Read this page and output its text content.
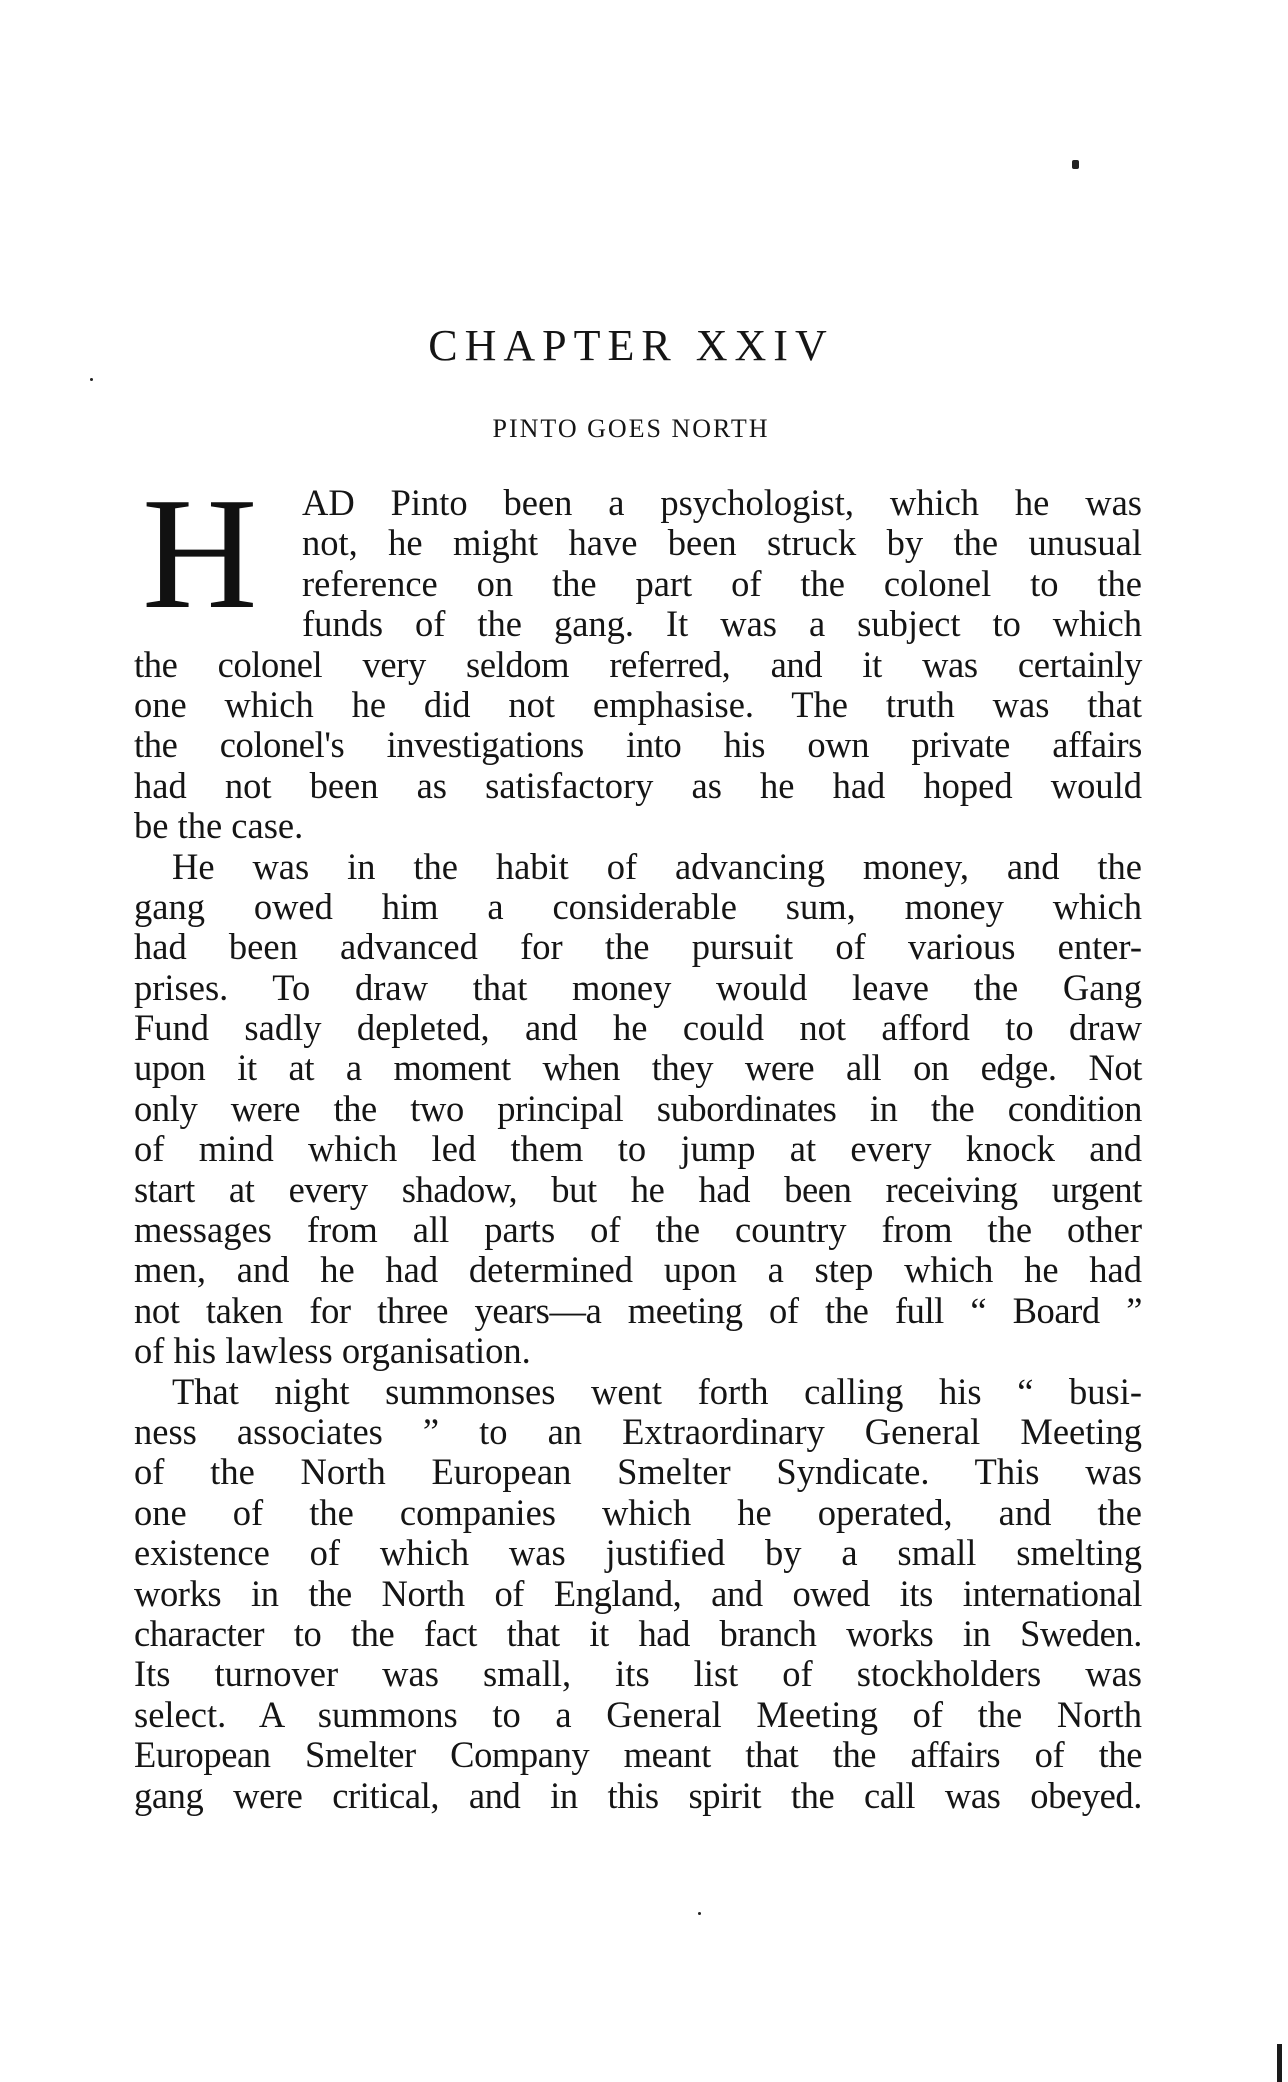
CHAPTER XXIV
PINTO GOES NORTH
H	AD Pinto been a psychologist, which he was
not, he might have been struck by the unusual
reference on the part of the colonel to the
funds of the gang. It was a subject to which
the colonel very seldom referred, and it was certainly
one which he did not emphasise. The truth was that
the colonel's investigations into his own private affairs
had not been as satisfactory as he had hoped would
be the case.
He was in the habit of advancing money, and the
gang owed him a considerable sum, money which
had been advanced for the pursuit of various enter-
prises. To draw that money would leave the Gang
Fund sadly depleted, and he could not afford to draw
upon it at a moment when they were all on edge. Not
only were the two principal subordinates in the condition
of mind which led them to jump at every knock and
start at every shadow, but he had been receiving urgent
messages from all parts of the country from the other
men, and he had determined upon a step which he had
not taken for three years—a meeting of the full “ Board ”
of his lawless organisation.
That night summonses went forth calling his “ busi-
ness associates ” to an Extraordinary General Meeting
of the North European Smelter Syndicate. This was
one of the companies which he operated, and the
existence of which was justified by a small smelting
works in the North of England, and owed its international
character to the fact that it had branch works in Sweden.
Its turnover was small, its list of stockholders was
select. A summons to a General Meeting of the North
European Smelter Company meant that the affairs of the
gang were critical, and in this spirit the call was obeyed.
